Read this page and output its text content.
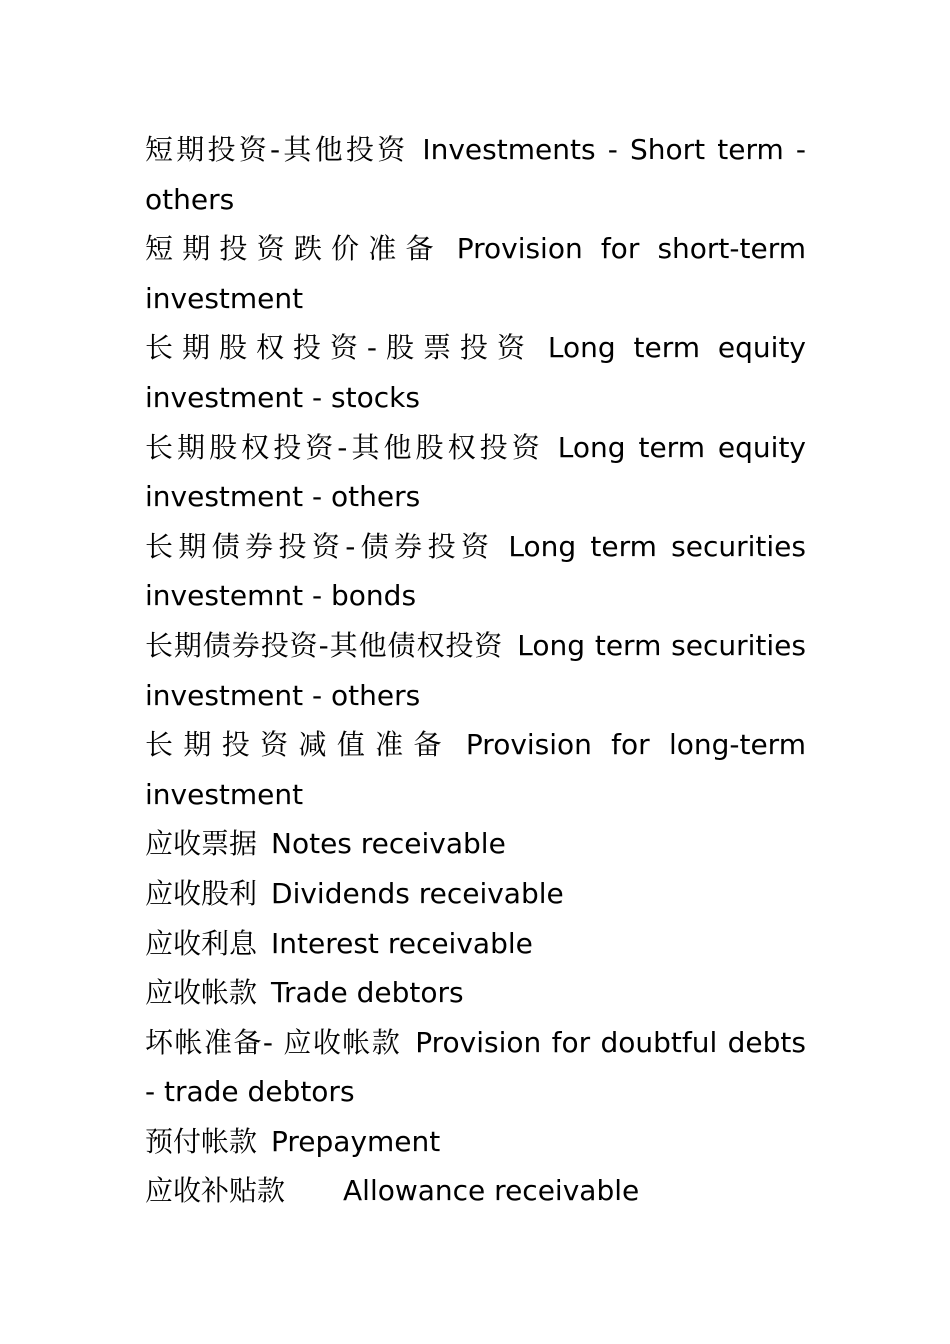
短期投资-其他投资 Investments - Short term - others

短期投资跌价准备 Provision for short-term investment

长期股权投资-股票投资 Long term equity investment - stocks

长期股权投资-其他股权投资 Long term equity investment - others

长期债券投资-债券投资 Long term securities investemnt - bonds

长期债券投资-其他债权投资 Long term securities investment - others

长期投资减值准备 Provision for long-term investment

应收票据 Notes receivable

应收股利 Dividends receivable

应收利息 Interest receivable

应收帐款 Trade debtors

坏帐准备- 应收帐款 Provision for doubtful debts - trade debtors

预付帐款 Prepayment

应收补贴款 Allowance receivable
